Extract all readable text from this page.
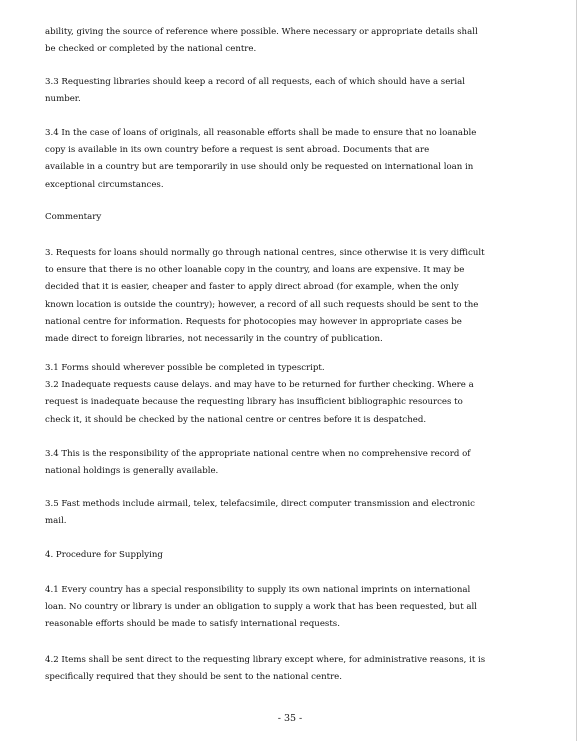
ability, giving the source of reference where possible. Where necessary or appropriate details shall
be checked or completed by the national centre.
3.3 Requesting libraries should keep a record of all requests, each of which should have a serial
number.
3.4 In the case of loans of originals, all reasonable efforts shall be made to ensure that no loanable
copy is available in its own country before a request is sent abroad. Documents that are
available in a country but are temporarily in use should only be requested on international loan in
exceptional circumstances.
Commentary
3. Requests for loans should normally go through national centres, since otherwise it is very difficult
to ensure that there is no other loanable copy in the country, and loans are expensive. It may be
decided that it is easier, cheaper and faster to apply direct abroad (for example, when the only
known location is outside the country); however, a record of all such requests should be sent to the
national centre for information. Requests for photocopies may however in appropriate cases be
made direct to foreign libraries, not necessarily in the country of publication.
3.1 Forms should wherever possible be completed in typescript.
3.2 Inadequate requests cause delays. and may have to be returned for further checking. Where a
request is inadequate because the requesting library has insufficient bibliographic resources to
check it, it should be checked by the national centre or centres before it is despatched.
3.4 This is the responsibility of the appropriate national centre when no comprehensive record of
national holdings is generally available.
3.5 Fast methods include airmail, telex, telefacsimile, direct computer transmission and electronic
mail.
4. Procedure for Supplying
4.1 Every country has a special responsibility to supply its own national imprints on international
loan. No country or library is under an obligation to supply a work that has been requested, but all
reasonable efforts should be made to satisfy international requests.
4.2 Items shall be sent direct to the requesting library except where, for administrative reasons, it is
specifically required that they should be sent to the national centre.
- 35 -
